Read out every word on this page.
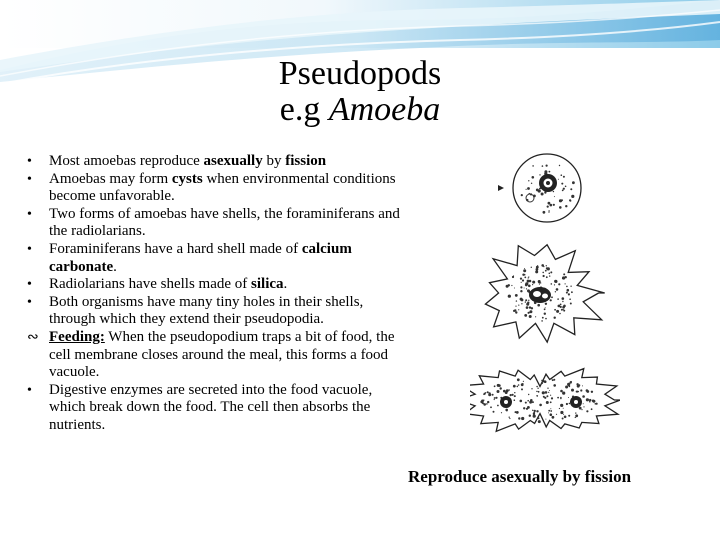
Pseudopods
e.g Amoeba
•	Most amoebas reproduce asexually by fission
•	Amoebas may form cysts when environmental conditions become unfavorable.
•	Two forms of amoebas have shells, the foraminiferans and the radiolarians.
•	Foraminiferans have a hard shell made of calcium carbonate.
•	Radiolarians have shells made of silica.
•	Both organisms have many tiny holes in their shells, through which they extend their pseudopodia.
∾ Feeding: When the pseudopodium traps a bit of food, the cell membrane closes around the meal, this forms a food vacuole.
•	Digestive enzymes are secreted into the food vacuole, which break down the food. The cell then absorbs the nutrients.
Reproduce asexually by fission
